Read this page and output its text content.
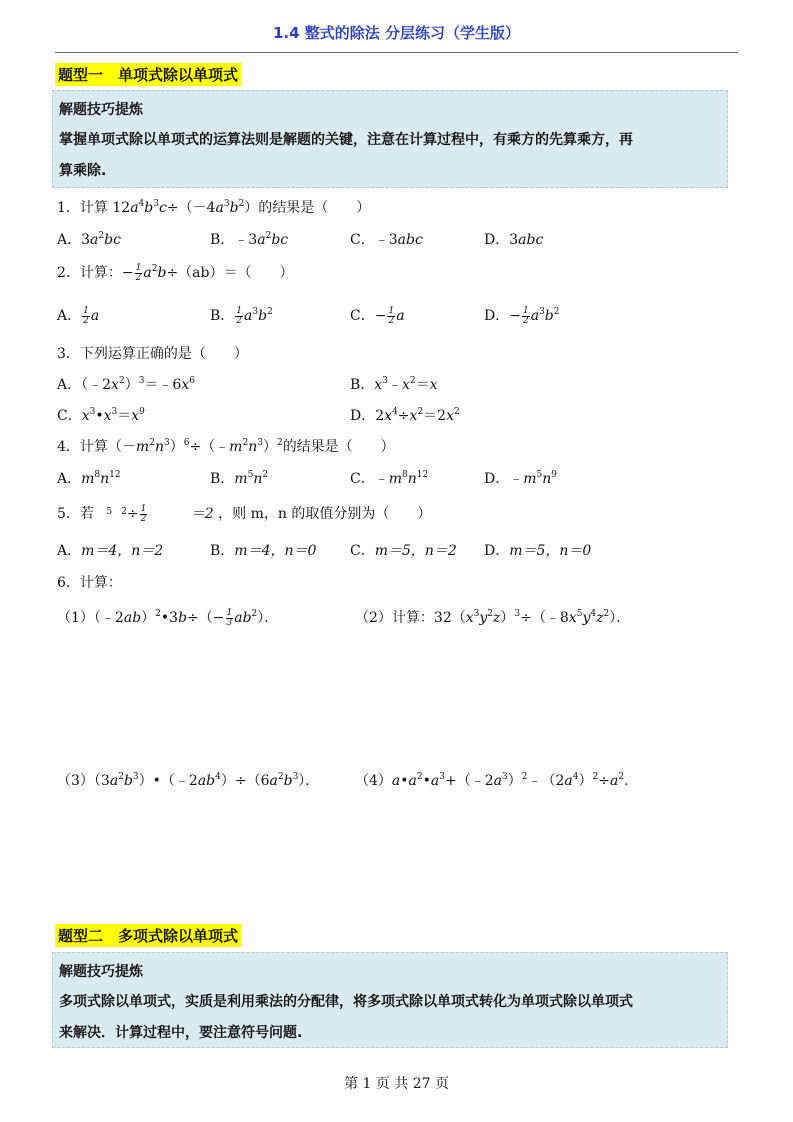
1.4 整式的除法 分层练习（学生版）
题型一　单项式除以单项式
解题技巧提炼
掌握单项式除以单项式的运算法则是解题的关键，注意在计算过程中，有乘方的先算乘方，再
算乘除.
1．计算 $12a^4b^3c\div(-4a^3b^2)$的结果是（　　）
A．$3a^2bc$	B．$﹣3a^2bc$	C．﹣3abc	D．3abc
2．计算：− $\frac{1}{2} a^2b\div(ab)=$（　　）
A． $\frac{1}{2}$ a	B． $\frac{1}{2} a^3b^2$	C．− $\frac{1}{2}$ a	D．− $\frac{1}{2} a^3b^2$
3．下列运算正确的是（　　）
A．$(﹣2x^2)^3=﹣6x^6$	B．$x^3﹣x^2=x$
C．$x^3•x^3=x^9$	D．$2x^4\div x^2=2x^2$
4．计算$(-m^2n^3)^6\div(﹣m^2n^3)^2$的结果是（　　）
A．$m^8n^{12}$	B．$m^5n^2$	C．$﹣m^8n^{12}$	D．$﹣m^5n^9$
5．若 $^{5 2}\div \frac{1}{2}$	＝2 ，则 m，n 的取值分别为（　　）
A．m＝4，n＝2	B．m＝4，n＝0 C．m＝5，n＝2 D．m＝5，n＝0
6．计算：
（1）（﹣2ab）$^2$•3b÷（− $\frac{1}{3} ab^2$）．	（2）计算：$32(x^3y^2z)^3\div(﹣8x^5y^4z^2)$．
$(3)(3a^2b^3)•(﹣2ab^4)\div(6a^2b^3)$．	$(4)a•a^2•a^3+(﹣2a^3)^2﹣(2a^4)^2\div a^2$.
题型二　多项式除以单项式
解题技巧提炼
多项式除以单项式，实质是利用乘法的分配律，将多项式除以单项式转化为单项式除以单项式
来解决．计算过程中，要注意符号问题.
第 1 页 共 27 页
